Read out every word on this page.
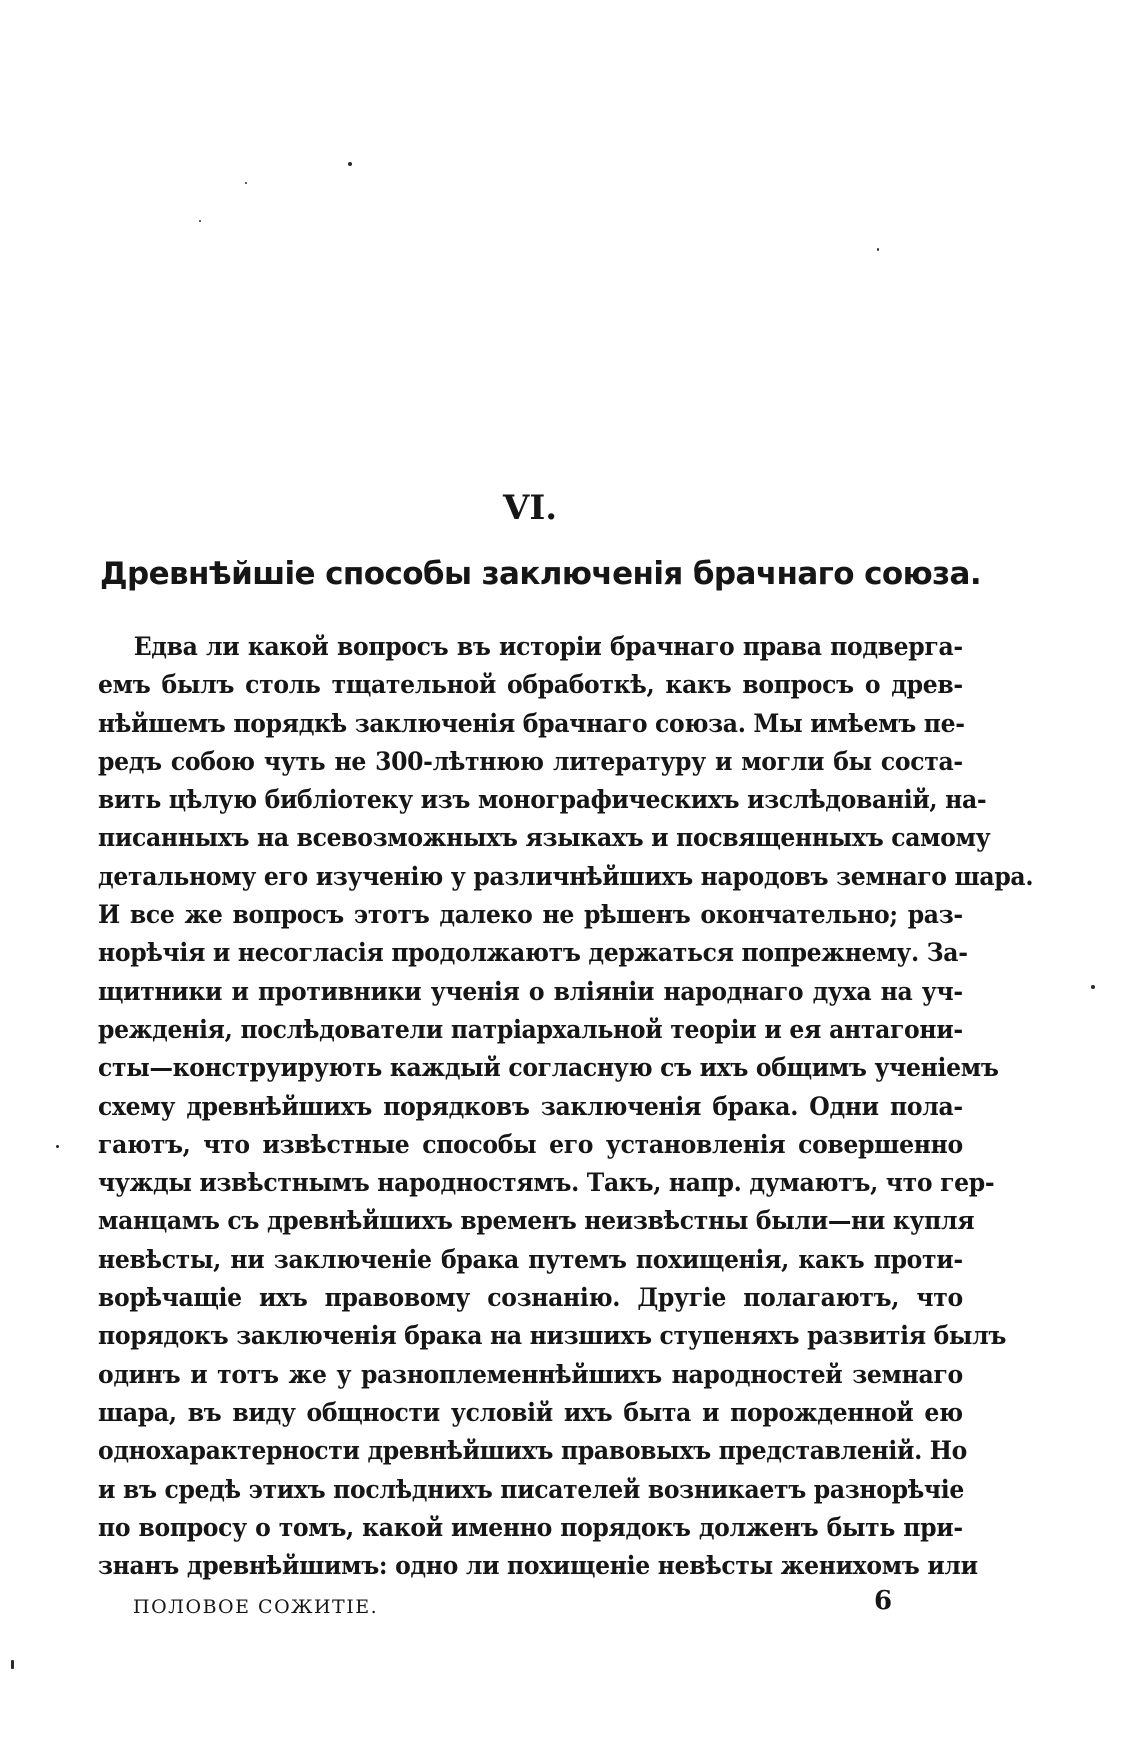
VI.
Древнѣйшіе способы заключенія брачнаго союза.
Едва ли какой вопросъ въ исторіи брачнаго права подверга-
емъ былъ столь тщательной обработкѣ, какъ вопросъ о древ-
нѣйшемъ порядкѣ заключенія брачнаго союза. Мы имѣемъ пе-
редъ собою чуть не 300-лѣтнюю литературу и могли бы соста-
вить цѣлую библіотеку изъ монографическихъ изслѣдованій, на-
писанныхъ на всевозможныхъ языкахъ и посвященныхъ самому
детальному его изученію у различнѣйшихъ народовъ земнаго шара.
И все же вопросъ этотъ далеко не рѣшенъ окончательно; раз-
норѣчія и несогласія продолжаютъ держаться попрежнему. За-
щитники и противники ученія о вліяніи народнаго духа на уч-
режденія, послѣдователи патріархальной теоріи и ея антагони-
сты—конструирують каждый согласную съ ихъ общимъ ученіемъ
схему древнѣйшихъ порядковъ заключенія брака. Одни пола-
гаютъ, что извѣстные способы его установленія совершенно
чужды извѣстнымъ народностямъ. Такъ, напр. думаютъ, что гер-
манцамъ съ древнѣйшихъ временъ неизвѣстны были—ни купля
невѣсты, ни заключеніе брака путемъ похищенія, какъ проти-
ворѣчащіе ихъ правовому сознанію. Другіе полагаютъ, что
порядокъ заключенія брака на низшихъ ступеняхъ развитія былъ
одинъ и тотъ же у разноплеменнѣйшихъ народностей земнаго
шара, въ виду общности условій ихъ быта и порожденной ею
однохарактерности древнѣйшихъ правовыхъ представленій. Но
и въ средѣ этихъ послѣднихъ писателей возникаетъ разнорѣчіе
по вопросу о томъ, какой именно порядокъ долженъ быть при-
знанъ древнѣйшимъ: одно ли похищеніе невѣсты женихомъ или
ПОЛОВОЕ СОЖИТІЕ.	6
